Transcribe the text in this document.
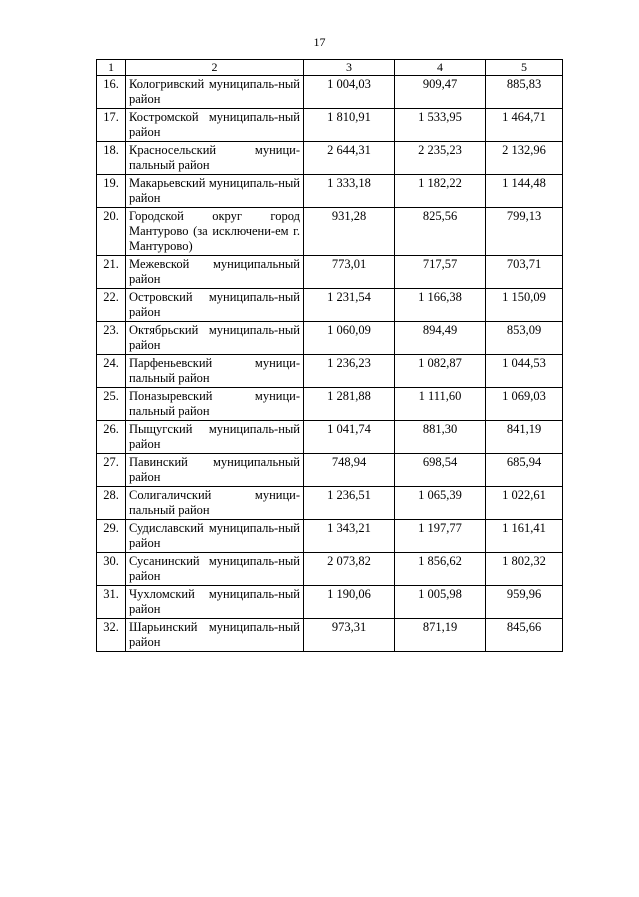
17
1	2	3	4	5
16.	Кологривский муниципаль-ный район	1 004,03	909,47	885,83
17.	Костромской муниципаль-ный район	1 810,91	1 533,95	1 464,71
18.	Красносельский муници-пальный район	2 644,31	2 235,23	2 132,96
19.	Макарьевский муниципаль-ный район	1 333,18	1 182,22	1 144,48
20.	Городской округ город Мантурово (за исключени-ем г. Мантурово)	931,28	825,56	799,13
21.	Межевской муниципальный район	773,01	717,57	703,71
22.	Островский муниципаль-ный район	1 231,54	1 166,38	1 150,09
23.	Октябрьский муниципаль-ный район	1 060,09	894,49	853,09
24.	Парфеньевский муници-пальный район	1 236,23	1 082,87	1 044,53
25.	Поназыревский муници-пальный район	1 281,88	1 111,60	1 069,03
26.	Пыщугский муниципаль-ный район	1 041,74	881,30	841,19
27.	Павинский муниципальный район	748,94	698,54	685,94
28.	Солигаличский муници-пальный район	1 236,51	1 065,39	1 022,61
29.	Судиславский муниципаль-ный район	1 343,21	1 197,77	1 161,41
30.	Сусанинский муниципаль-ный район	2 073,82	1 856,62	1 802,32
31.	Чухломский муниципаль-ный район	1 190,06	1 005,98	959,96
32.	Шарьинский муниципаль-ный район	973,31	871,19	845,66
